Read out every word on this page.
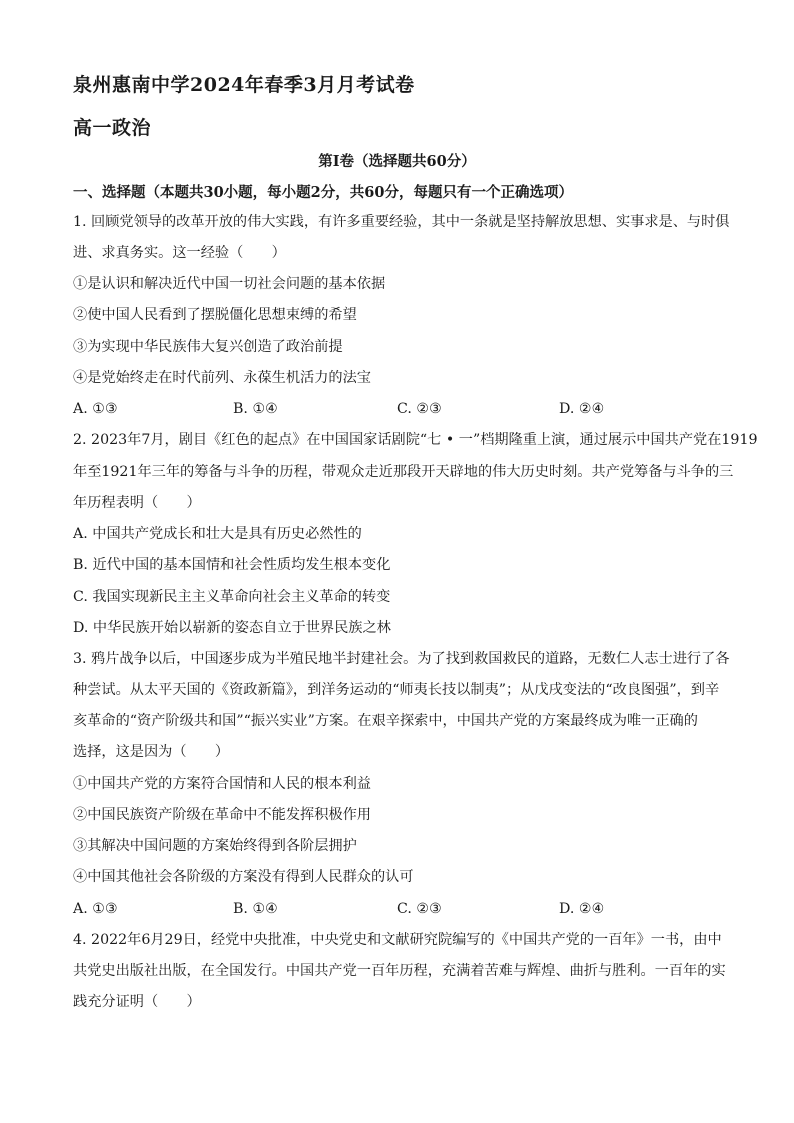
泉州惠南中学2024年春季3月月考试卷
高一政治
第Ⅰ卷（选择题共60分）
一、选择题（本题共30小题，每小题2分，共60分，每题只有一个正确选项）
1. 回顾党领导的改革开放的伟大实践，有许多重要经验，其中一条就是坚持解放思想、实事求是、与时俱
进、求真务实。这一经验（　　）
①是认识和解决近代中国一切社会问题的基本依据
②使中国人民看到了摆脱僵化思想束缚的希望
③为实现中华民族伟大复兴创造了政治前提
④是党始终走在时代前列、永葆生机活力的法宝
A. ①③	B. ①④	C. ②③	D. ②④
2. 2023年7月，剧目《红色的起点》在中国国家话剧院“七 • 一”档期隆重上演，通过展示中国共产党在1919
年至1921年三年的筹备与斗争的历程，带观众走近那段开天辟地的伟大历史时刻。共产党筹备与斗争的三
年历程表明（　　）
A. 中国共产党成长和壮大是具有历史必然性的
B. 近代中国的基本国情和社会性质均发生根本变化
C. 我国实现新民主主义革命向社会主义革命的转变
D. 中华民族开始以崭新的姿态自立于世界民族之林
3. 鸦片战争以后，中国逐步成为半殖民地半封建社会。为了找到救国救民的道路，无数仁人志士进行了各
种尝试。从太平天国的《资政新篇》，到洋务运动的“师夷长技以制夷”；从戊戌变法的“改良图强”，到辛
亥革命的“资产阶级共和国”“振兴实业”方案。在艰辛探索中，中国共产党的方案最终成为唯一正确的
选择，这是因为（　　）
①中国共产党的方案符合国情和人民的根本利益
②中国民族资产阶级在革命中不能发挥积极作用
③其解决中国问题的方案始终得到各阶层拥护
④中国其他社会各阶级的方案没有得到人民群众的认可
A. ①③	B. ①④	C. ②③	D. ②④
4. 2022年6月29日，经党中央批准，中央党史和文献研究院编写的《中国共产党的一百年》一书，由中
共党史出版社出版，在全国发行。中国共产党一百年历程，充满着苦难与辉煌、曲折与胜利。一百年的实
践充分证明（　　）
